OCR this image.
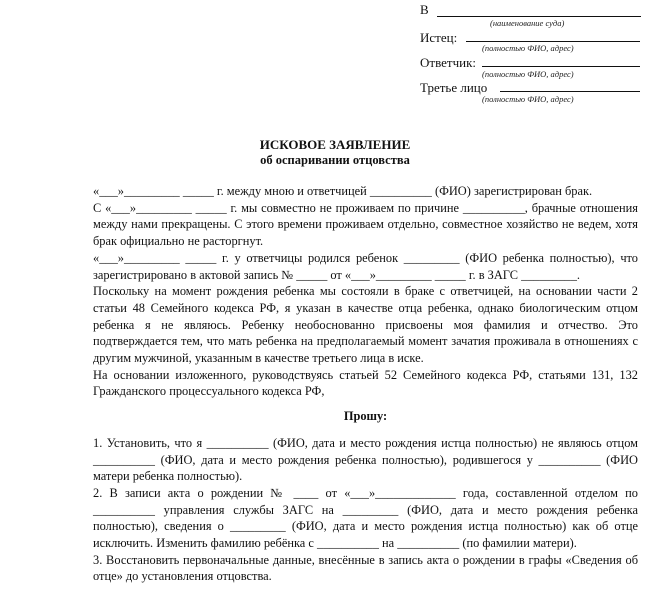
В
(наименование суда)
Истец:
(полностью ФИО, адрес)
Ответчик:
(полностью ФИО, адрес)
Третье лицо
(полностью ФИО, адрес)
ИСКОВОЕ ЗАЯВЛЕНИЕ
об оспаривании отцовства

«___»_________ _____ г. между мною и ответчицей __________ (ФИО) зарегистрирован брак.

С «___»_________ _____ г. мы совместно не проживаем по причине __________, брачные отношения между нами прекращены. С этого времени проживаем отдельно, совместное хозяйство не ведем, хотя брак официально не расторгнут.

«___»_________ _____ г. у ответчицы родился ребенок _________ (ФИО ребенка полностью), что зарегистрировано в актовой запись № _____ от «___»_________ _____ г. в ЗАГС _________.

Поскольку на момент рождения ребенка мы состояли в браке с ответчицей, на основании части 2 статьи 48 Семейного кодекса РФ, я указан в качестве отца ребенка, однако биологическим отцом ребенка я не являюсь. Ребенку необоснованно присвоены моя фамилия и отчество. Это подтверждается тем, что мать ребенка на предполагаемый момент зачатия проживала в отношениях с другим мужчиной, указанным в качестве третьего лица в иске.

На основании изложенного, руководствуясь статьей 52 Семейного кодекса РФ, статьями 131, 132 Гражданского процессуального кодекса РФ,

Прошу:

1. Установить, что я __________ (ФИО, дата и место рождения истца полностью) не являюсь отцом __________ (ФИО, дата и место рождения ребенка полностью), родившегося у __________ (ФИО матери ребенка полностью).

2. В записи акта о рождении № ____ от «___»_____________ года, составленной отделом по __________ управления службы ЗАГС на _________ (ФИО, дата и место рождения ребенка полностью), сведения о _________ (ФИО, дата и место рождения истца полностью) как об отце исключить. Изменить фамилию ребёнка с __________ на __________ (по фамилии матери).

3. Восстановить первоначальные данные, внесённые в запись акта о рождении в графы «Сведения об отце» до установления отцовства.
